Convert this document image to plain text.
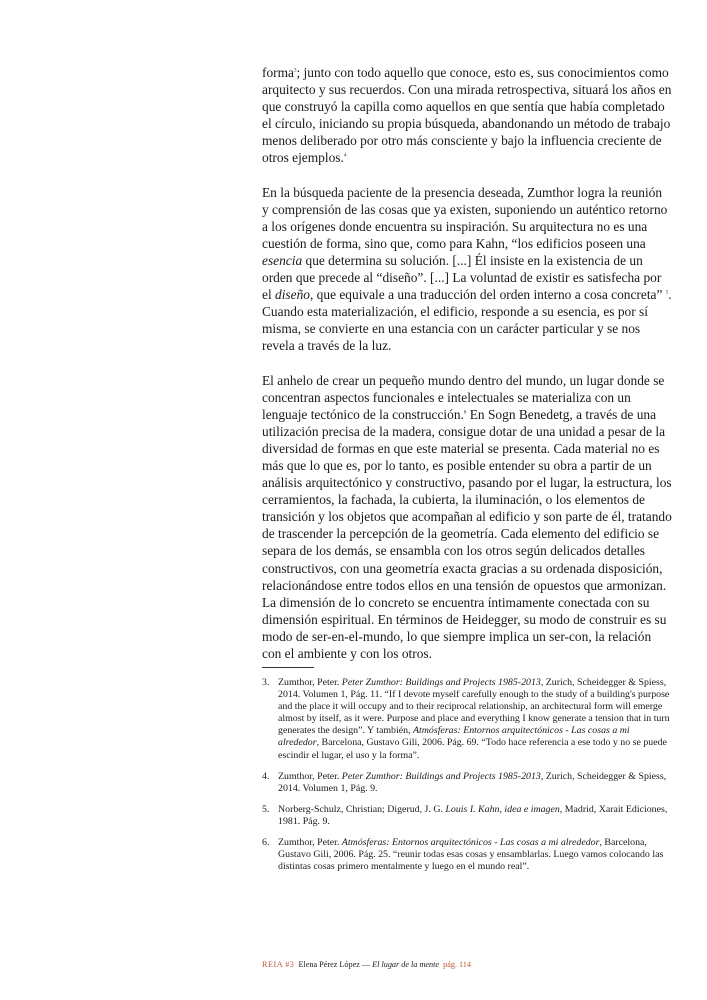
forma$^3$; junto con todo aquello que conoce, esto es, sus conocimientos como arquitecto y sus recuerdos. Con una mirada retrospectiva, situará los años en que construyó la capilla como aquellos en que sentía que había completado el círculo, iniciando su propia búsqueda, abandonando un método de trabajo menos deliberado por otro más consciente y bajo la influencia creciente de otros ejemplos.$^4$

En la búsqueda paciente de la presencia deseada, Zumthor logra la reunión y comprensión de las cosas que ya existen, suponiendo un auténtico retorno a los orígenes donde encuentra su inspiración. Su arquitectura no es una cuestión de forma, sino que, como para Kahn, “los edificios poseen una esencia que determina su solución. [...] Él insiste en la existencia de un orden que precede al “diseño”. [...] La voluntad de existir es satisfecha por el diseño, que equivale a una traducción del orden interno a cosa concreta” $^5$. Cuando esta materialización, el edificio, responde a su esencia, es por sí misma, se convierte en una estancia con un carácter particular y se nos revela a través de la luz.

El anhelo de crear un pequeño mundo dentro del mundo, un lugar donde se concentran aspectos funcionales e intelectuales se materializa con un lenguaje tectónico de la construcción.$^6$ En Sogn Benedetg, a través de una utilización precisa de la madera, consigue dotar de una unidad a pesar de la diversidad de formas en que este material se presenta. Cada material no es más que lo que es, por lo tanto, es posible entender su obra a partir de un análisis arquitectónico y constructivo, pasando por el lugar, la estructura, los cerramientos, la fachada, la cubierta, la iluminación, o los elementos de transición y los objetos que acompañan al edificio y son parte de él, tratando de trascender la percepción de la geometría. Cada elemento del edificio se separa de los demás, se ensambla con los otros según delicados detalles constructivos, con una geometría exacta gracias a su ordenada disposición, relacionándose entre todos ellos en una tensión de opuestos que armonizan. La dimensión de lo concreto se encuentra íntimamente conectada con su dimensión espiritual. En términos de Heidegger, su modo de construir es su modo de ser-en-el-mundo, lo que siempre implica un ser-con, la relación con el ambiente y con los otros.

3. Zumthor, Peter. Peter Zumthor: Buildings and Projects 1985-2013, Zurich, Scheidegger & Spiess, 2014. Volumen 1, Pág. 11. “If I devote myself carefully enough to the study of a building's purpose and the place it will occupy and to their reciprocal relationship, an architectural form will emerge almost by itself, as it were. Purpose and place and everything I know generate a tension that in turn generates the design”. Y también, Atmósferas: Entornos arquitectónicos - Las cosas a mi alrededor, Barcelona, Gustavo Gili, 2006. Pág. 69. “Todo hace referencia a ese todo y no se puede escindir el lugar, el uso y la forma”.
4. Zumthor, Peter. Peter Zumthor: Buildings and Projects 1985-2013, Zurich, Scheidegger & Spiess, 2014. Volumen 1, Pág. 9.
5. Norberg-Schulz, Christian; Digerud, J. G. Louis I. Kahn, idea e imagen, Madrid, Xarait Ediciones, 1981. Pág. 9.
6. Zumthor, Peter. Atmósferas: Entornos arquitectónicos - Las cosas a mi alrededor, Barcelona, Gustavo Gili, 2006. Pág. 25. “reunir todas esas cosas y ensamblarlas. Luego vamos colocando las distintas cosas primero mentalmente y luego en el mundo real”.
REIA #3 Elena Pérez López — El lugar de la mente pág. 114
